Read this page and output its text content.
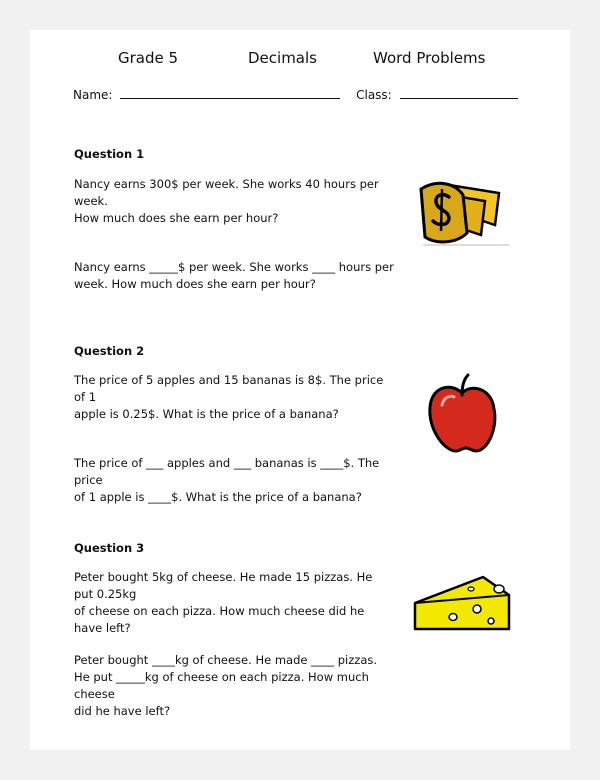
Grade 5	Decimals	Word Problems
Name:	Class:
Question 1
Nancy earns 300$ per week. She works 40 hours per week.
How much does she earn per hour?
Nancy earns _____$ per week. She works ____ hours per
week. How much does she earn per hour?
Question 2
The price of 5 apples and 15 bananas is 8$. The price of 1
apple is 0.25$. What is the price of a banana?
The price of ___ apples and ___ bananas is ____$. The price
of 1 apple is ____$. What is the price of a banana?
Question 3
Peter bought 5kg of cheese. He made 15 pizzas. He put 0.25kg
of cheese on each pizza. How much cheese did he have left?
Peter bought ____kg of cheese. He made ____ pizzas.
He put _____kg of cheese on each pizza. How much cheese
did he have left?
